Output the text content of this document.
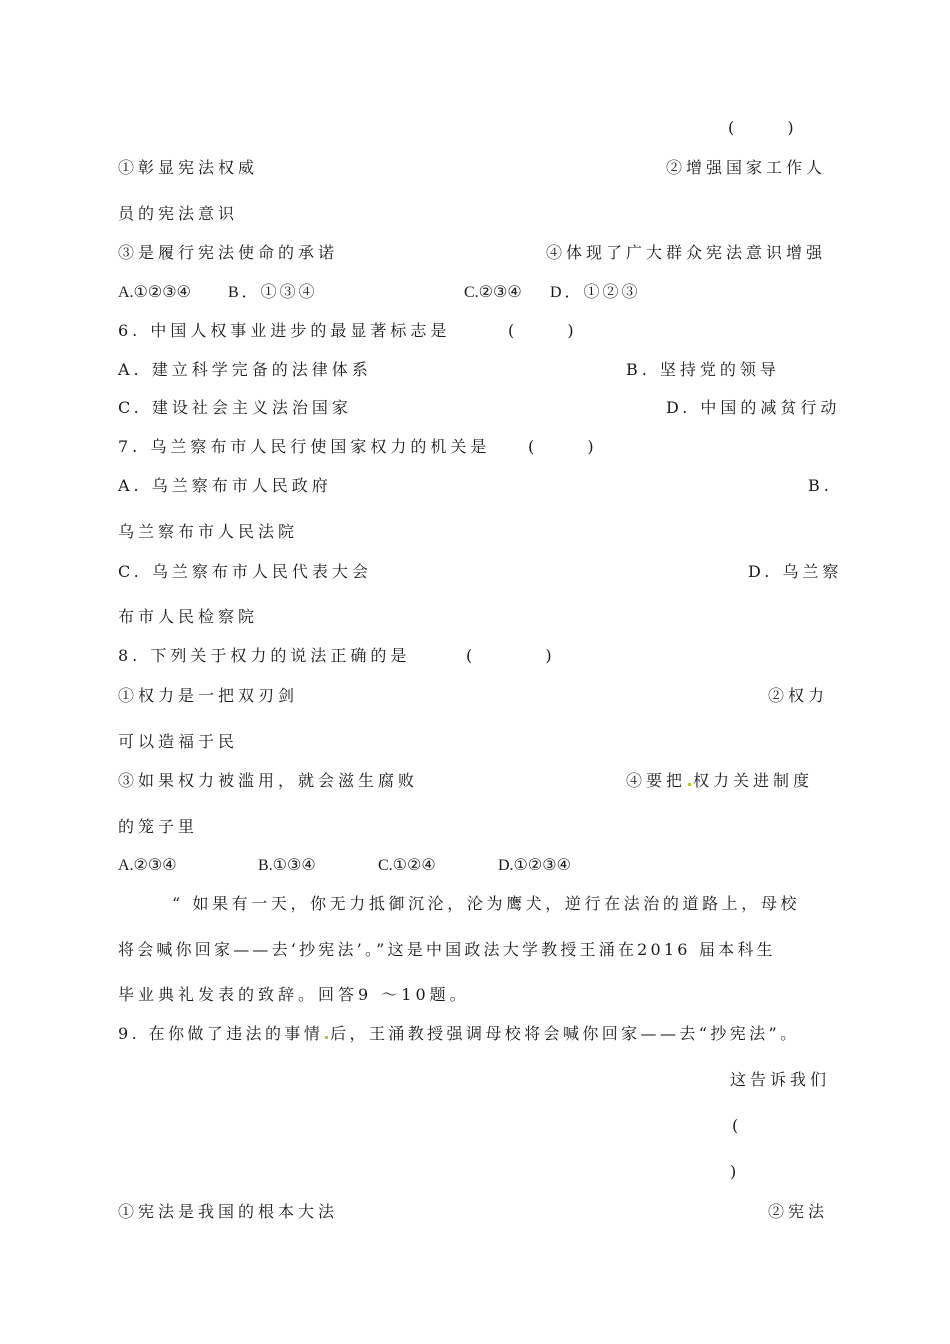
( )
①彰显宪法权威	②增强国家工作人
员的宪法意识
③是履行宪法使命的承诺	④体现了广大群众宪法意识增强
A.①②③④ B．①③④	C.②③④ D．①②③
6. 中国人权事业进步的最显著标志是	( )
A. 建立科学完备的法律体系	B. 坚持党的领导
C. 建设社会主义法治国家	D. 中国的减贫行动
7. 乌兰察布市人民行使国家权力的机关是 ( )
A. 乌兰察布市人民政府	B.
乌兰察布市人民法院
C. 乌兰察布市人民代表大会	D. 乌兰察
布市人民检察院
8. 下列关于权力的说法正确的是	( )
①权力是一把双刃剑	②权力
可以造福于民
③如果权力被滥用，就会滋生腐败	④要把 权力关进制度
的笼子里
A.②③④	B.①③④	C.①②④	D.①②③④
“ 如果有一天，你无力抵御沉沦，沦为鹰犬，逆行在法治的道路上，母校
将会喊你回家——去‘抄宪法’。”这是中国政法大学教授王涌在2016 届本科生
毕业典礼发表的致辞。回答9 ～10题。
9. 在你做了违法的事情 后，王涌教授强调母校将会喊你回家——去“抄宪法”。
这告诉我们
(
)
①宪法是我国的根本大法	②宪法
